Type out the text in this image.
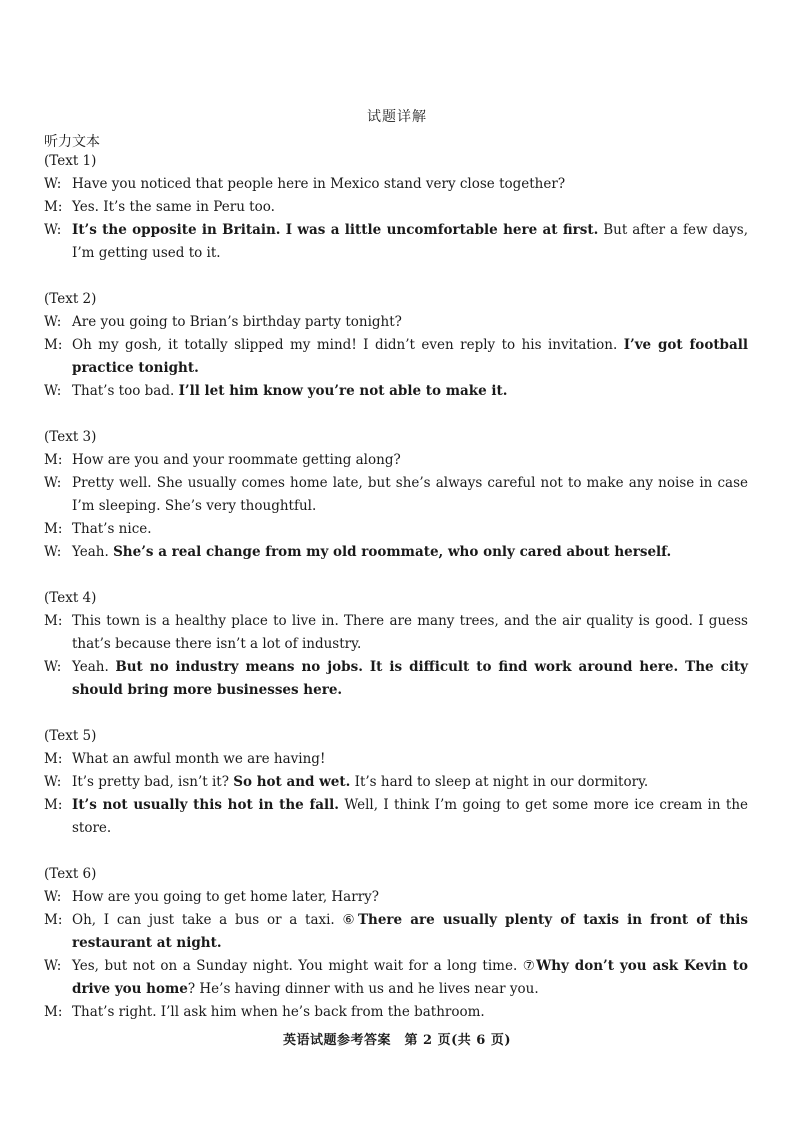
试题详解
听力文本
(Text 1)
W: Have you noticed that people here in Mexico stand very close together?
M: Yes. It’s the same in Peru too.
W: It’s the opposite in Britain. I was a little uncomfortable here at first. But after a few days, I’m getting used to it.
(Text 2)
W: Are you going to Brian’s birthday party tonight?
M: Oh my gosh, it totally slipped my mind! I didn’t even reply to his invitation. I’ve got football practice tonight.
W: That’s too bad. I’ll let him know you’re not able to make it.
(Text 3)
M: How are you and your roommate getting along?
W: Pretty well. She usually comes home late, but she’s always careful not to make any noise in case I’m sleeping. She’s very thoughtful.
M: That’s nice.
W: Yeah. She’s a real change from my old roommate, who only cared about herself.
(Text 4)
M: This town is a healthy place to live in. There are many trees, and the air quality is good. I guess that’s because there isn’t a lot of industry.
W: Yeah. But no industry means no jobs. It is difficult to find work around here. The city should bring more businesses here.
(Text 5)
M: What an awful month we are having!
W: It’s pretty bad, isn’t it? So hot and wet. It’s hard to sleep at night in our dormitory.
M: It’s not usually this hot in the fall. Well, I think I’m going to get some more ice cream in the store.
(Text 6)
W: How are you going to get home later, Harry?
M: Oh, I can just take a bus or a taxi. ⑥There are usually plenty of taxis in front of this restaurant at night.
W: Yes, but not on a Sunday night. You might wait for a long time. ⑦Why don’t you ask Kevin to drive you home? He’s having dinner with us and he lives near you.
M: That’s right. I’ll ask him when he’s back from the bathroom.
英语试题参考答案　第 2 页(共 6 页)
